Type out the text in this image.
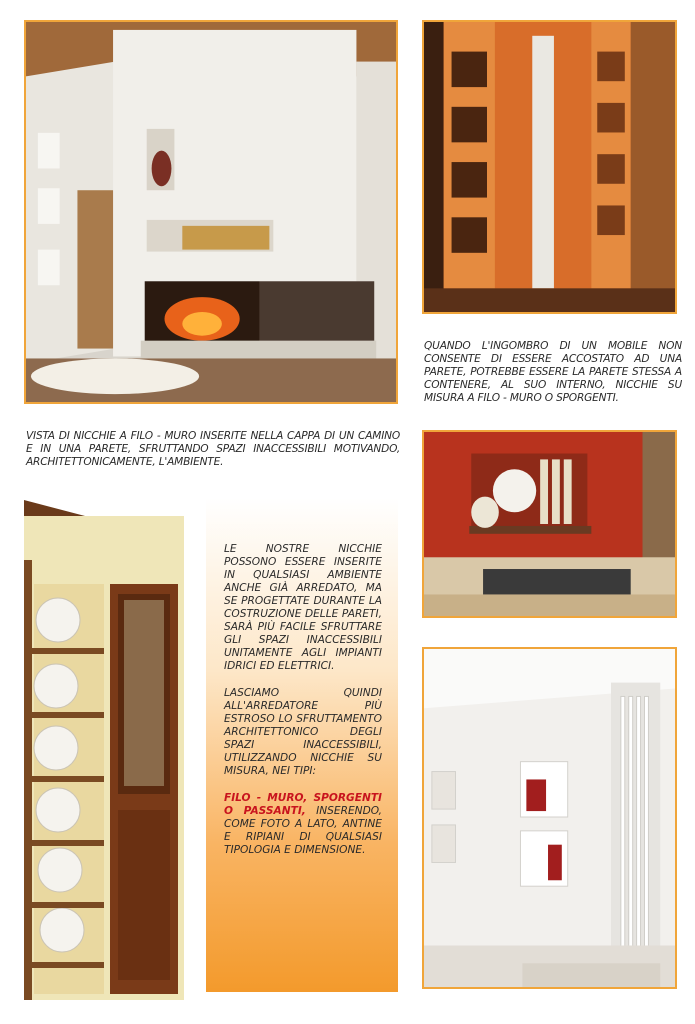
QUANDO L'INGOMBRO DI UN MOBILE NON CONSENTE DI ESSERE ACCOSTATO AD UNA PARETE, POTREBBE ESSERE LA PARETE STESSA A CONTENERE, AL SUO INTERNO, NICCHIE SU MISURA A FILO - MURO O SPORGENTI.
VISTA DI NICCHIE A FILO - MURO INSERITE NELLA CAPPA DI UN CAMINO E IN UNA PARETE, SFRUTTANDO SPAZI INACCESSIBILI MOTIVANDO, ARCHITETTONICAMENTE, L'AMBIENTE.

LE NOSTRE NICCHIE POSSONO ESSERE INSERITE IN QUALSIASI AMBIENTE ANCHE GIÀ ARREDATO, MA SE PROGETTATE DURANTE LA COSTRUZIONE DELLE PARETI, SARÀ PIÙ FACILE SFRUTTARE GLI SPAZI INACCESSIBILI UNITAMENTE AGLI IMPIANTI IDRICI ED ELETTRICI.

LASCIAMO QUINDI ALL'ARREDATORE PIÙ ESTROSO LO SFRUTTAMENTO ARCHITETTONICO DEGLI SPAZI INACCESSIBILI, UTILIZZANDO NICCHIE SU MISURA, NEI TIPI:

FILO - MURO, SPORGENTI O PASSANTI, INSERENDO, COME FOTO A LATO, ANTINE E RIPIANI DI QUALSIASI TIPOLOGIA E DIMENSIONE.
